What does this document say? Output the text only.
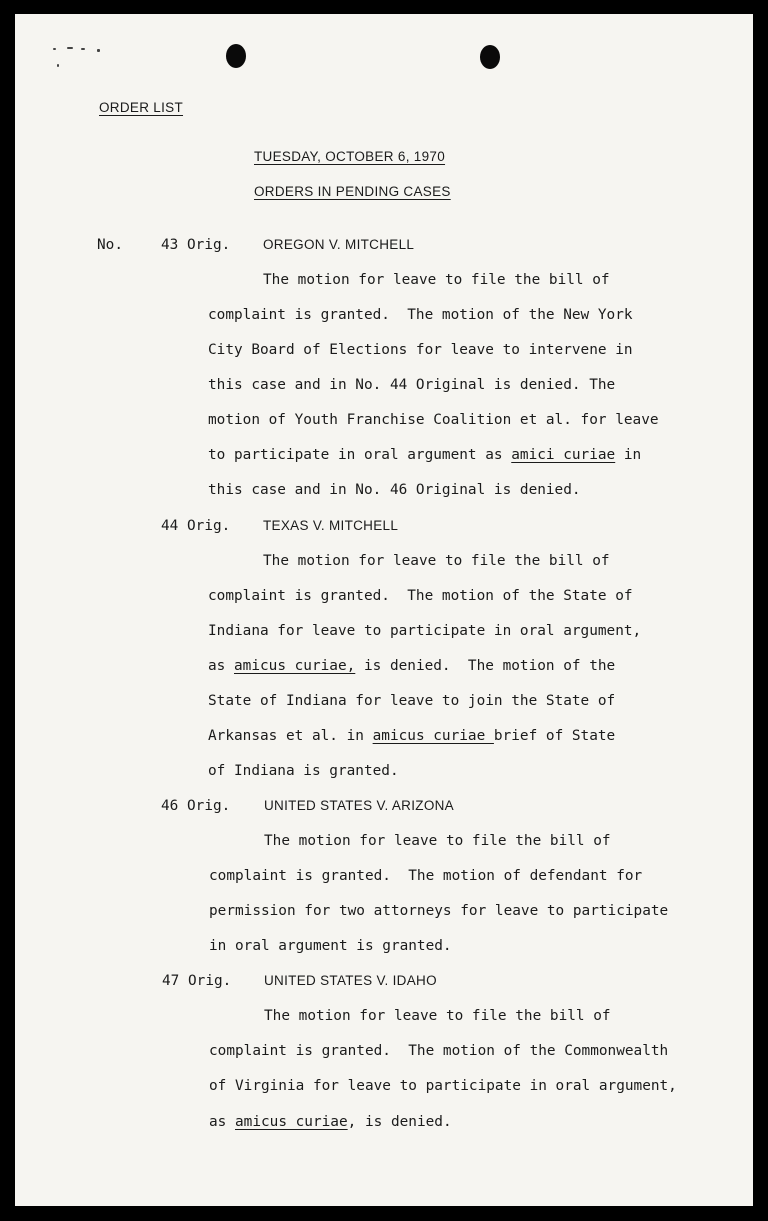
ORDER LIST
TUESDAY, OCTOBER 6, 1970
ORDERS IN PENDING CASES
No.	43 Orig. OREGON V. MITCHELL
The motion for leave to file the bill of
complaint is granted.  The motion of the New York
City Board of Elections for leave to intervene in
this case and in No. 44 Original is denied. The
motion of Youth Franchise Coalition et al. for leave
to participate in oral argument as amici curiae in
this case and in No. 46 Original is denied.
44 Orig. TEXAS V. MITCHELL
The motion for leave to file the bill of
complaint is granted.  The motion of the State of
Indiana for leave to participate in oral argument,
as amicus curiae, is denied.  The motion of the
State of Indiana for leave to join the State of
Arkansas et al. in amicus curiae brief of State
of Indiana is granted.
46 Orig. UNITED STATES V. ARIZONA
The motion for leave to file the bill of
complaint is granted.  The motion of defendant for
permission for two attorneys for leave to participate
in oral argument is granted.
47 Orig. UNITED STATES V. IDAHO
The motion for leave to file the bill of
complaint is granted.  The motion of the Commonwealth
of Virginia for leave to participate in oral argument,
as amicus curiae, is denied.
